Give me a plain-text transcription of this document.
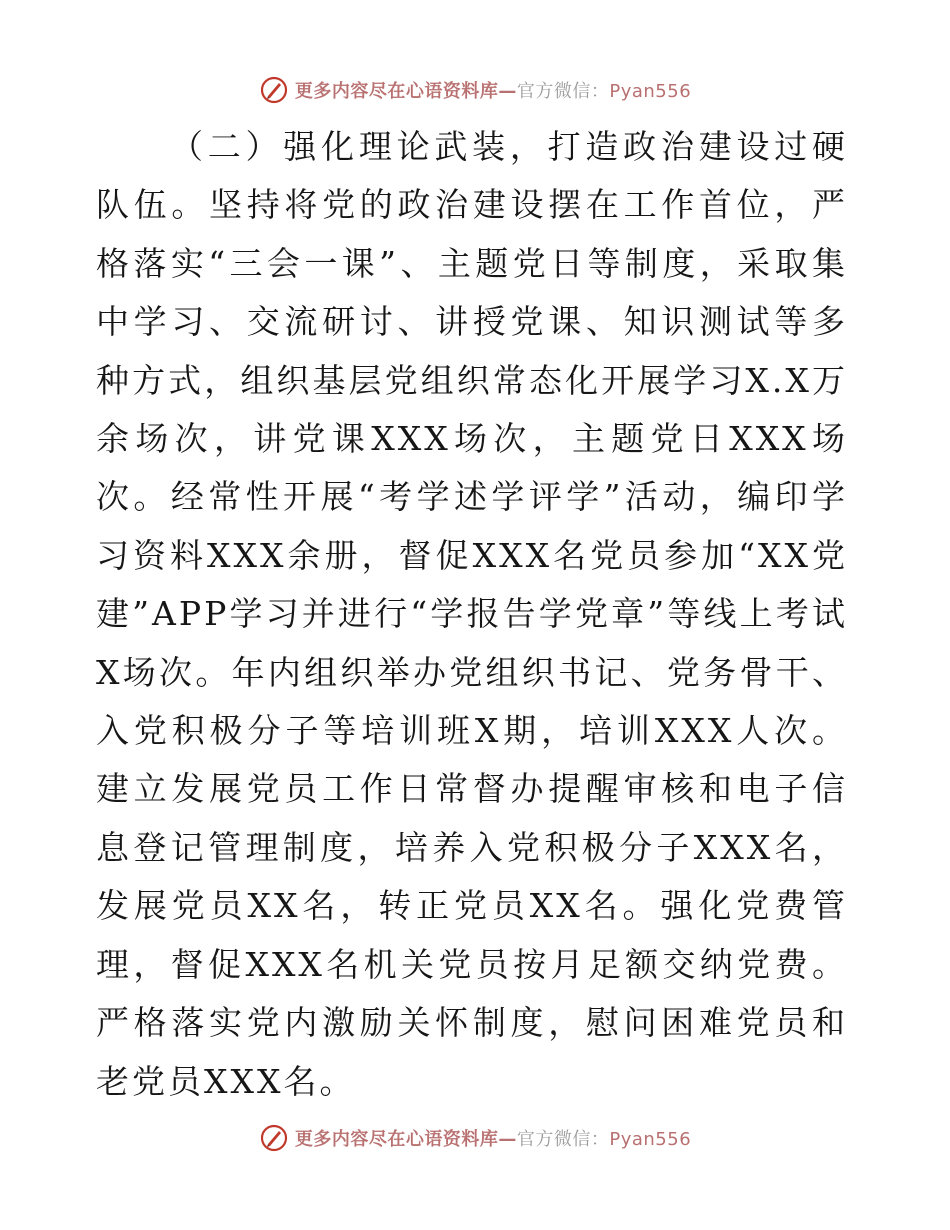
更多内容尽在心语资料库—官方微信：Pyan556

（二）强化理论武装，打造政治建设过硬队伍。坚持将党的政治建设摆在工作首位，严格落实“三会一课”、主题党日等制度，采取集中学习、交流研讨、讲授党课、知识测试等多种方式，组织基层党组织常态化开展学习X.X万余场次，讲党课XXX场次，主题党日XXX场次。经常性开展“考学述学评学”活动，编印学习资料XXX余册，督促XXX名党员参加“XX党建”APP学习并进行“学报告学党章”等线上考试X场次。年内组织举办党组织书记、党务骨干、入党积极分子等培训班X期，培训XXX人次。建立发展党员工作日常督办提醒审核和电子信息登记管理制度，培养入党积极分子XXX名，发展党员XX名，转正党员XX名。强化党费管理，督促XXX名机关党员按月足额交纳党费。严格落实党内激励关怀制度，慰问困难党员和老党员XXX名。

更多内容尽在心语资料库—官方微信：Pyan556
